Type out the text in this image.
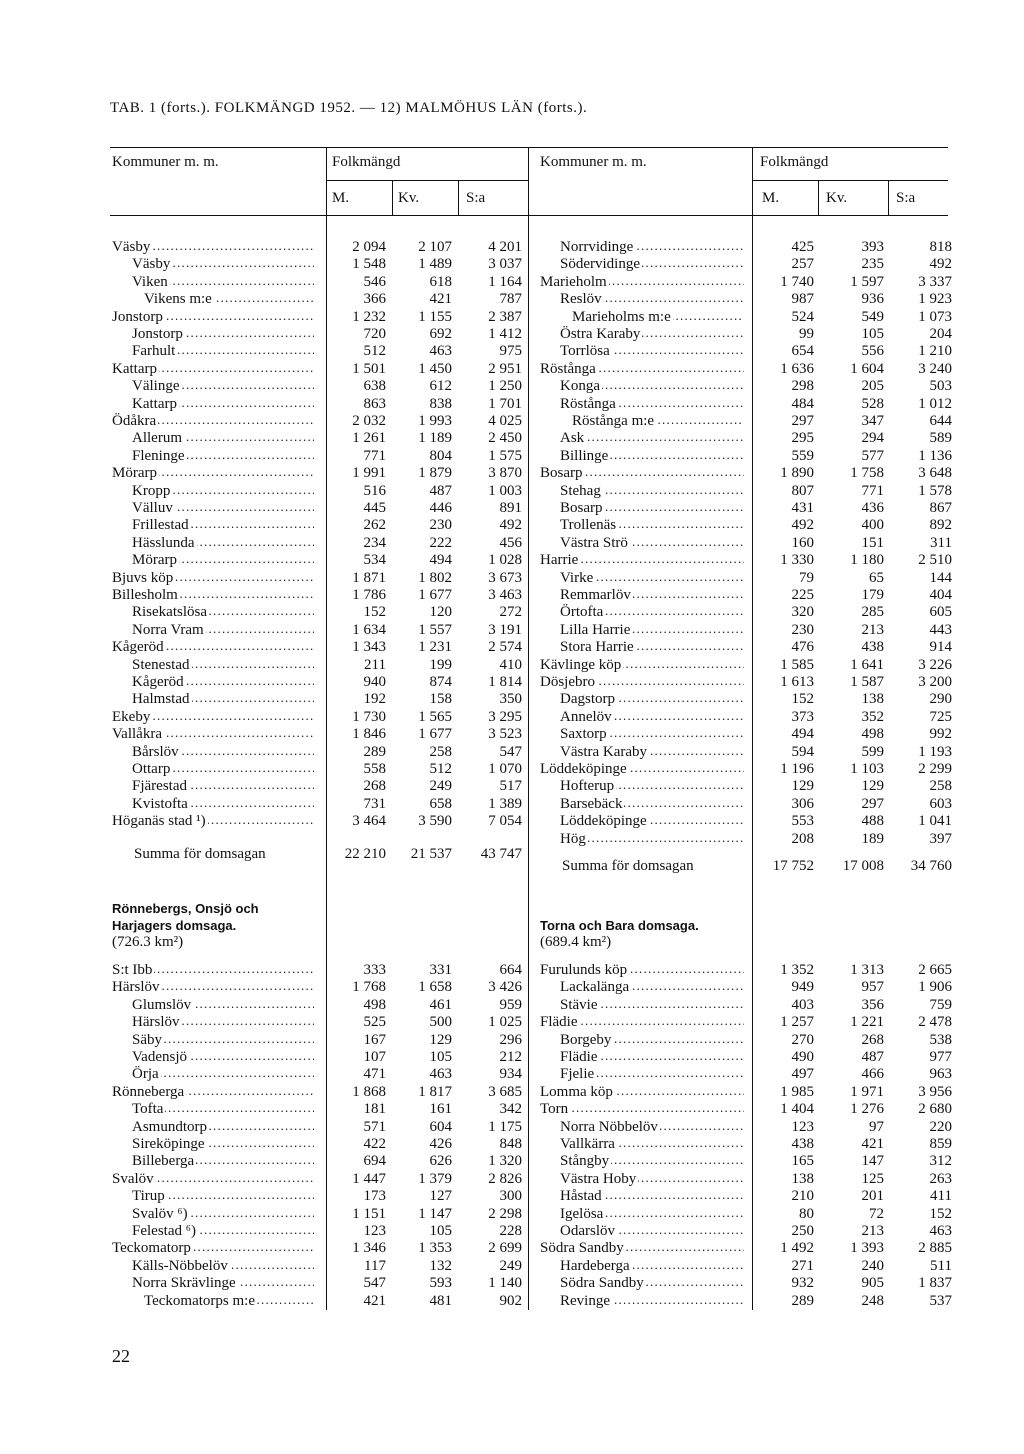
TAB. 1 (forts.). FOLKMÄNGD 1952. — 12) MALMÖHUS LÄN (forts.).
Kommuner m. m.	Folkmängd
M.	Kv.	S:a
Kommuner m. m.	Folkmängd
M.	Kv.	S:a
Rönnebergs, Onsjö och Harjagers domsaga.
(726.3 km²)
Torna och Bara domsaga.
(689.4 km²)
22
Väsby . . .	2 094	2 107	4 201
Väsby . . .	1 548	1 489	3 037
Viken . . .	546	618	1 164
Vikens m:e . . .	366	421	787
Jonstorp . . .	1 232	1 155	2 387
Jonstorp . . .	720	692	1 412
Farhult . . .	512	463	975
Kattarp . . .	1 501	1 450	2 951
Välinge . . .	638	612	1 250
Kattarp . . .	863	838	1 701
Ödåkra . . .	2 032	1 993	4 025
Allerum . . .	1 261	1 189	2 450
Fleninge . . .	771	804	1 575
Mörarp . . .	1 991	1 879	3 870
Kropp . . .	516	487	1 003
Välluv . . .	445	446	891
Frillestad . . .	262	230	492
Hässlunda . . .	234	222	456
Mörarp . . .	534	494	1 028
Bjuvs köp . . .	1 871	1 802	3 673
Billesholm . . .	1 786	1 677	3 463
Risekatslösa . . .	152	120	272
Norra Vram . . .	1 634	1 557	3 191
Kågeröd . . .	1 343	1 231	2 574
Stenestad . . .	211	199	410
Kågeröd . . .	940	874	1 814
Halmstad . . .	192	158	350
Ekeby . . .	1 730	1 565	3 295
Vallåkra . . .	1 846	1 677	3 523
Bårslöv . . .	289	258	547
Ottarp . . .	558	512	1 070
Fjärestad . . .	268	249	517
Kvistofta . . .	731	658	1 389
Höganäs stad ¹) . . .	3 464	3 590	7 054
Summa för domsagan	22 210	21 537	43 747
Norrvidinge . . .	425	393	818
Södervidinge . . .	257	235	492
Marieholm . . .	1 740	1 597	3 337
Reslöv . . .	987	936	1 923
Marieholms m:e . . .	524	549	1 073
Östra Karaby . . .	99	105	204
Torrlösa . . .	654	556	1 210
Röstånga . . .	1 636	1 604	3 240
Konga . . .	298	205	503
Röstånga . . .	484	528	1 012
Röstånga m:e . . .	297	347	644
Ask . . .	295	294	589
Billinge . . .	559	577	1 136
Bosarp . . .	1 890	1 758	3 648
Stehag . . .	807	771	1 578
Bosarp . . .	431	436	867
Trollenäs . . .	492	400	892
Västra Strö . . .	160	151	311
Harrie . . .	1 330	1 180	2 510
Virke . . .	79	65	144
Remmarlöv . . .	225	179	404
Örtofta . . .	320	285	605
Lilla Harrie . . .	230	213	443
Stora Harrie . . .	476	438	914
Kävlinge köp . . .	1 585	1 641	3 226
Dösjebro . . .	1 613	1 587	3 200
Dagstorp . . .	152	138	290
Annelöv . . .	373	352	725
Saxtorp . . .	494	498	992
Västra Karaby . . .	594	599	1 193
Löddeköpinge . . .	1 196	1 103	2 299
Hofterup . . .	129	129	258
Barsebäck . . .	306	297	603
Löddeköpinge . . .	553	488	1 041
Hög . . .	208	189	397
Summa för domsagan	17 752	17 008	34 760
S:t Ibb . . .	333	331	664
Härslöv . . .	1 768	1 658	3 426
Glumslöv . . .	498	461	959
Härslöv . . .	525	500	1 025
Säby . . .	167	129	296
Vadensjö . . .	107	105	212
Örja . . .	471	463	934
Rönneberga . . .	1 868	1 817	3 685
Tofta . . .	181	161	342
Asmundtorp . . .	571	604	1 175
Sireköpinge . . .	422	426	848
Billeberga . . .	694	626	1 320
Svalöv . . .	1 447	1 379	2 826
Tirup . . .	173	127	300
Svalöv ⁶) . . .	1 151	1 147	2 298
Felestad ⁶) . . .	123	105	228
Teckomatorp . . .	1 346	1 353	2 699
Källs-Nöbbelöv . . .	117	132	249
Norra Skrävlinge . . .	547	593	1 140
Teckomatorps m:e . . .	421	481	902
Furulunds köp . . .	1 352	1 313	2 665
Lackalänga . . .	949	957	1 906
Stävie . . .	403	356	759
Flädie . . .	1 257	1 221	2 478
Borgeby . . .	270	268	538
Flädie . . .	490	487	977
Fjelie . . .	497	466	963
Lomma köp . . .	1 985	1 971	3 956
Torn . . .	1 404	1 276	2 680
Norra Nöbbelöv . . .	123	97	220
Vallkärra . . .	438	421	859
Stångby . . .	165	147	312
Västra Hoby . . .	138	125	263
Håstad . . .	210	201	411
Igelösa . . .	80	72	152
Odarslöv . . .	250	213	463
Södra Sandby . . .	1 492	1 393	2 885
Hardeberga . . .	271	240	511
Södra Sandby . . .	932	905	1 837
Revinge . . .	289	248	537
